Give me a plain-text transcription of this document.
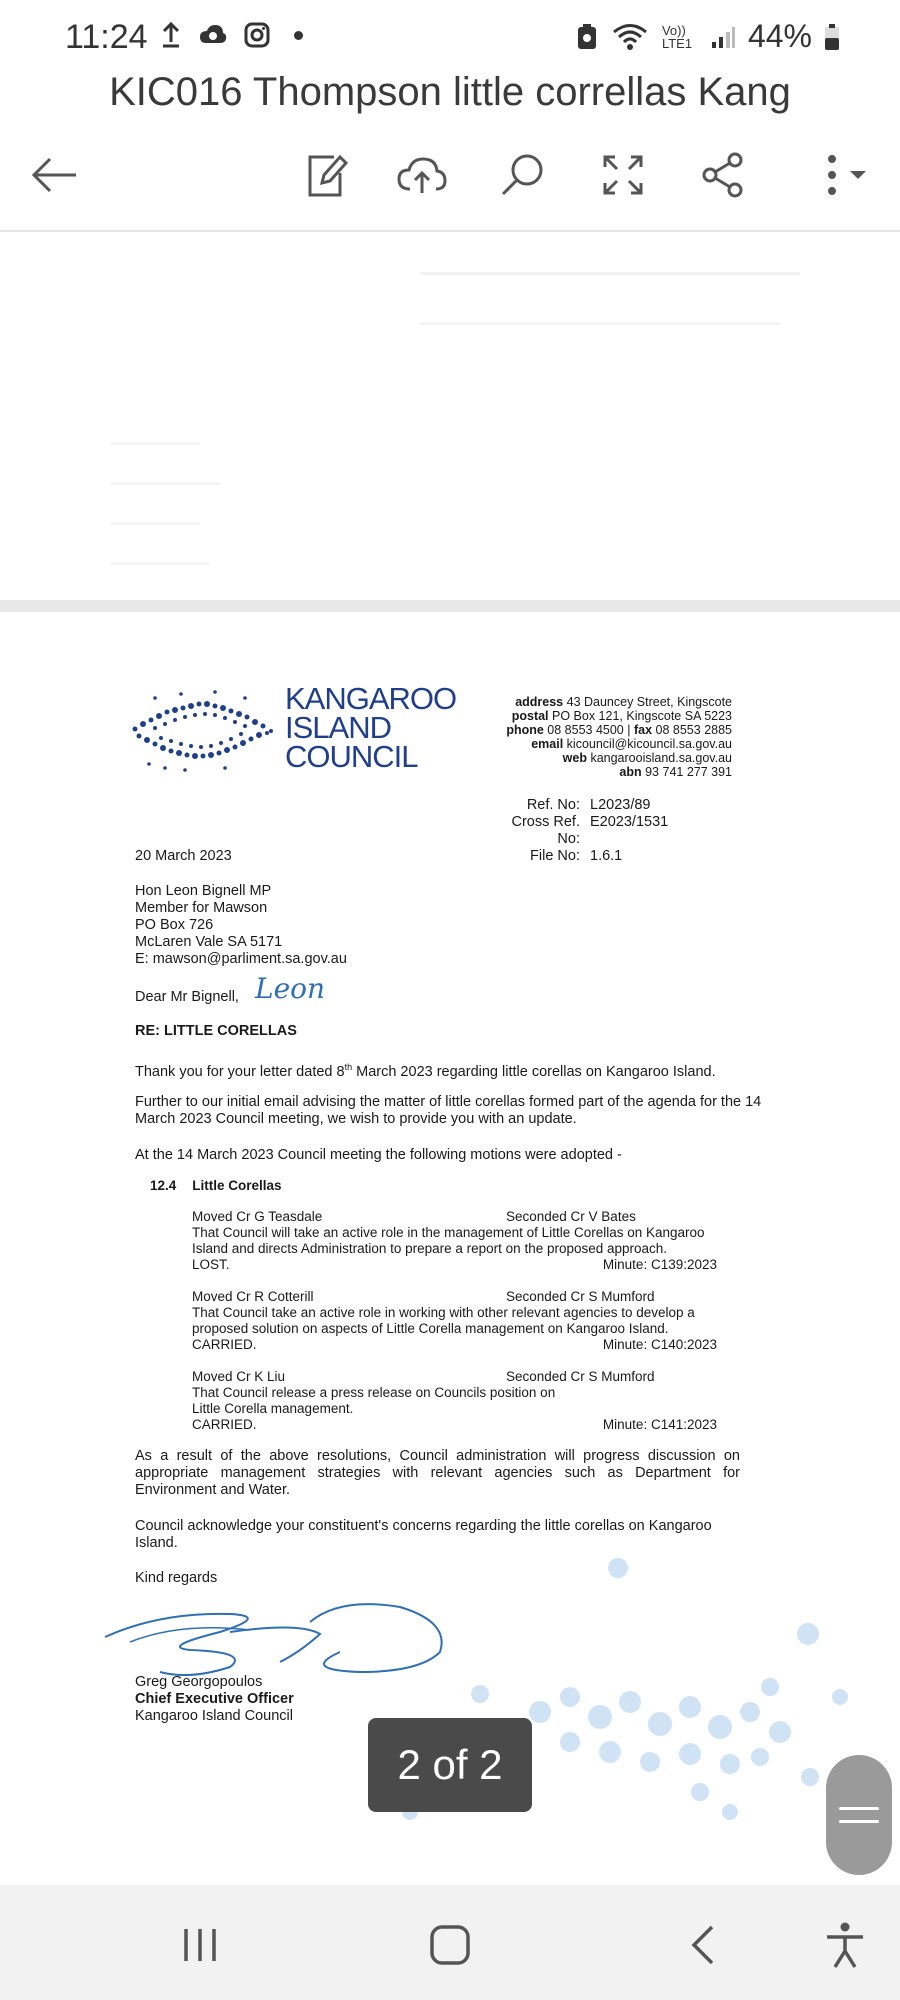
11:24	Vo)) LTE1 44%
KIC016 Thompson little correllas Kang
KANGAROO
ISLAND
COUNCIL
address 43 Dauncey Street, Kingscote
postal PO Box 121, Kingscote SA 5223
phone 08 8553 4500 | fax 08 8553 2885
email kicouncil@kicouncil.sa.gov.au
web kangarooisland.sa.gov.au
abn 93 741 277 391
Ref. No: L2023/89
Cross Ref. No:
E2023/1531
File No: 1.6.1
20 March 2023
Hon Leon Bignell MP
Member for Mawson
PO Box 726
McLaren Vale SA 5171
E: mawson@parliment.sa.gov.au
Dear Mr Bignell, Leon
RE: LITTLE CORELLAS
Thank you for your letter dated 8th March 2023 regarding little corellas on Kangaroo Island.
Further to our initial email advising the matter of little corellas formed part of the agenda for the 14 March 2023 Council meeting, we wish to provide you with an update.
At the 14 March 2023 Council meeting the following motions were adopted -
12.4 Little Corellas
Moved Cr G Teasdale	Seconded Cr V Bates
That Council will take an active role in the management of Little Corellas on Kangaroo Island and directs Administration to prepare a report on the proposed approach.
LOST.	Minute: C139:2023
Moved Cr R Cotterill	Seconded Cr S Mumford
That Council take an active role in working with other relevant agencies to develop a proposed solution on aspects of Little Corella management on Kangaroo Island.
CARRIED.	Minute: C140:2023
Moved Cr K Liu	Seconded Cr S Mumford
That Council release a press release on Councils position on Little Corella management.
CARRIED.	Minute: C141:2023
As a result of the above resolutions, Council administration will progress discussion on appropriate management strategies with relevant agencies such as Department for Environment and Water.
Council acknowledge your constituent's concerns regarding the little corellas on Kangaroo Island.
Kind regards
Greg Georgopoulos
Chief Executive Officer
Kangaroo Island Council
2 of 2
